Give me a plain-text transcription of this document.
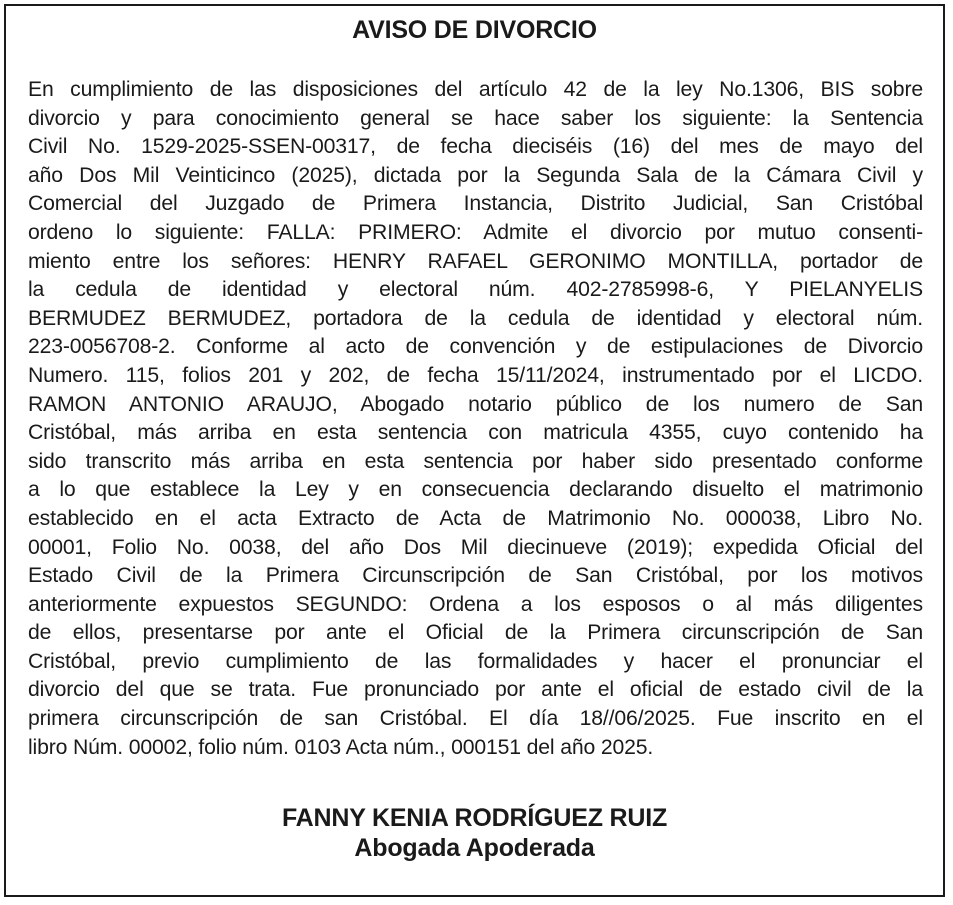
AVISO DE DIVORCIO
En cumplimiento de las disposiciones del artículo 42 de la ley No.1306, BIS sobre
divorcio y para conocimiento general se hace saber los siguiente: la Sentencia
Civil No. 1529-2025-SSEN-00317, de fecha dieciséis (16) del mes de mayo del
año Dos Mil Veinticinco (2025), dictada por la Segunda Sala de la Cámara Civil y
Comercial del Juzgado de Primera Instancia, Distrito Judicial, San Cristóbal
ordeno lo siguiente: FALLA: PRIMERO: Admite el divorcio por mutuo consenti-
miento entre los señores: HENRY RAFAEL GERONIMO MONTILLA, portador de
la cedula de identidad y electoral núm. 402-2785998-6, Y PIELANYELIS
BERMUDEZ BERMUDEZ, portadora de la cedula de identidad y electoral núm.
223-0056708-2. Conforme al acto de convención y de estipulaciones de Divorcio
Numero. 115, folios 201 y 202, de fecha 15/11/2024, instrumentado por el LICDO.
RAMON ANTONIO ARAUJO, Abogado notario público de los numero de San
Cristóbal, más arriba en esta sentencia con matricula 4355, cuyo contenido ha
sido transcrito más arriba en esta sentencia por haber sido presentado conforme
a lo que establece la Ley y en consecuencia declarando disuelto el matrimonio
establecido en el acta Extracto de Acta de Matrimonio No. 000038, Libro No.
00001, Folio No. 0038, del año Dos Mil diecinueve (2019); expedida Oficial del
Estado Civil de la Primera Circunscripción de San Cristóbal, por los motivos
anteriormente expuestos SEGUNDO: Ordena a los esposos o al más diligentes
de ellos, presentarse por ante el Oficial de la Primera circunscripción de San
Cristóbal, previo cumplimiento de las formalidades y hacer el pronunciar el
divorcio del que se trata. Fue pronunciado por ante el oficial de estado civil de la
primera circunscripción de san Cristóbal. El día 18//06/2025. Fue inscrito en el
libro Núm. 00002, folio núm. 0103 Acta núm., 000151 del año 2025.
FANNY KENIA RODRÍGUEZ RUIZ
Abogada Apoderada
